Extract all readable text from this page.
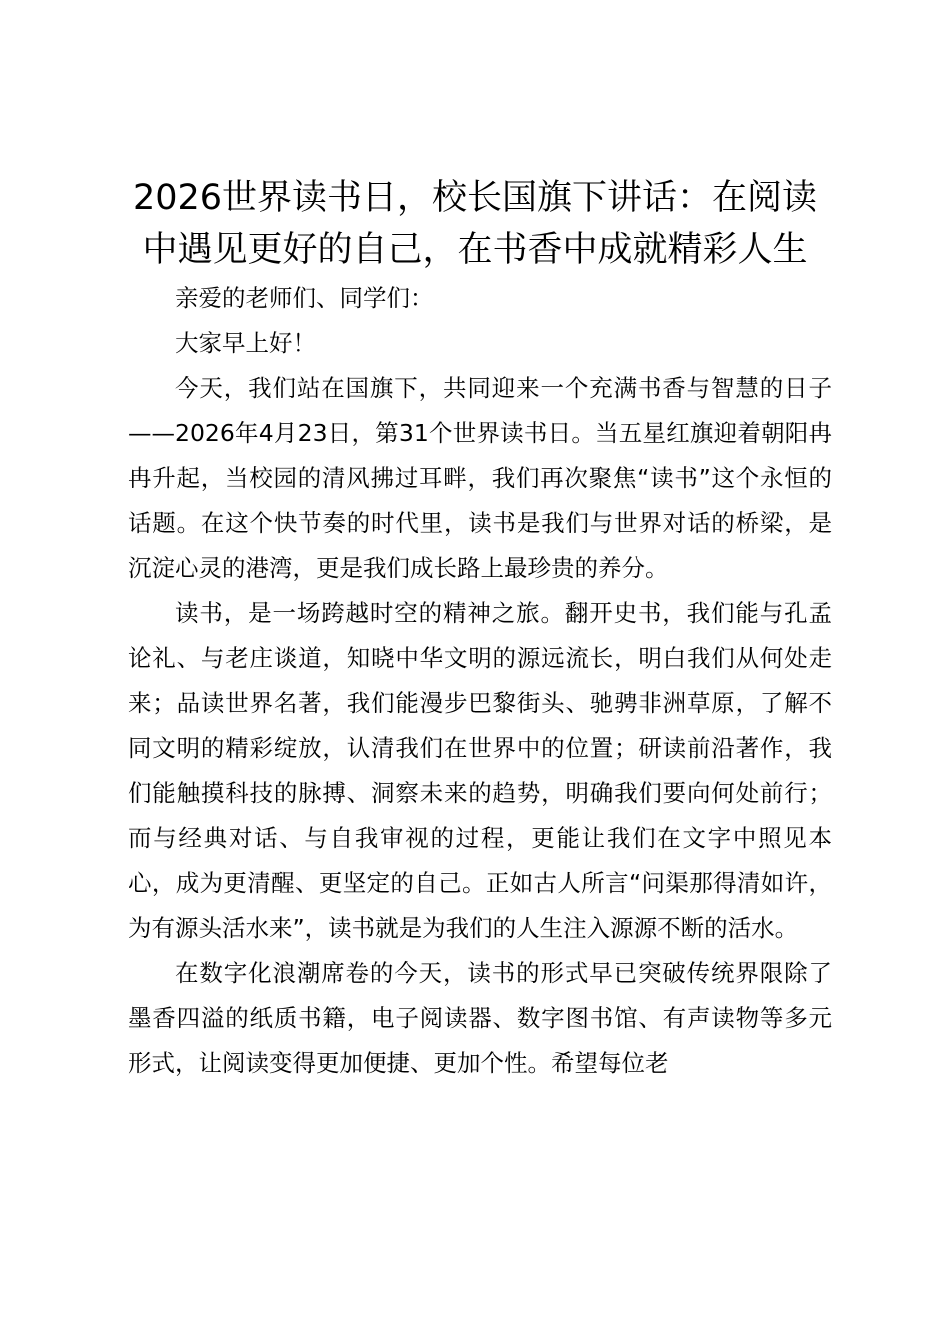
2026世界读书日，校长国旗下讲话：在阅读中遇见更好的自己，在书香中成就精彩人生

亲爱的老师们、同学们：

大家早上好！

今天，我们站在国旗下，共同迎来一个充满书香与智慧的日子——2026年4月23日，第31个世界读书日。当五星红旗迎着朝阳冉冉升起，当校园的清风拂过耳畔，我们再次聚焦“读书”这个永恒的话题。在这个快节奏的时代里，读书是我们与世界对话的桥梁，是沉淀心灵的港湾，更是我们成长路上最珍贵的养分。

读书，是一场跨越时空的精神之旅。翻开史书，我们能与孔孟论礼、与老庄谈道，知晓中华文明的源远流长，明白我们从何处走来；品读世界名著，我们能漫步巴黎街头、驰骋非洲草原，了解不同文明的精彩绽放，认清我们在世界中的位置；研读前沿著作，我们能触摸科技的脉搏、洞察未来的趋势，明确我们要向何处前行；而与经典对话、与自我审视的过程，更能让我们在文字中照见本心，成为更清醒、更坚定的自己。正如古人所言“问渠那得清如许，为有源头活水来”，读书就是为我们的人生注入源源不断的活水。

在数字化浪潮席卷的今天，读书的形式早已突破传统界限除了墨香四溢的纸质书籍，电子阅读器、数字图书馆、有声读物等多元形式，让阅读变得更加便捷、更加个性。希望每位老
